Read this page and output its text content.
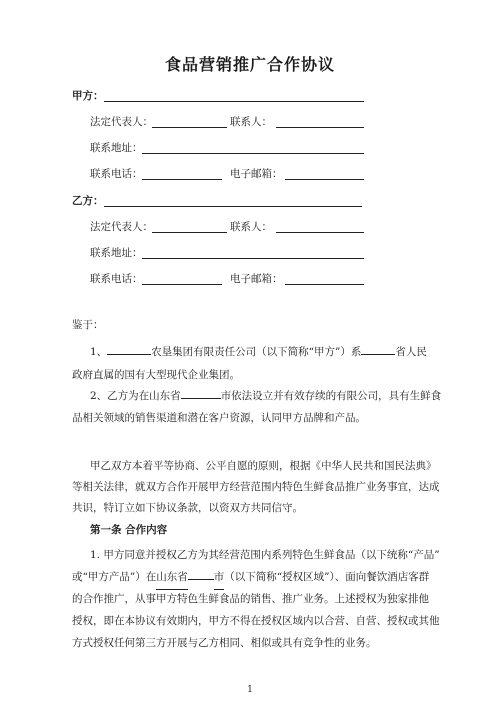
食品营销推广合作协议
甲方：
法定代表人：	联系人：
联系地址：
联系电话：	电子邮箱：
乙方：
法定代表人：	联系人：
联系地址：
联系电话：	电子邮箱：
鉴于：
1、	农垦集团有限责任公司（以下简称“甲方”）系	省人民
政府直属的国有大型现代企业集团。
2、乙方为在山东省	市依法设立并有效存续的有限公司，具有生鲜食
品相关领域的销售渠道和潜在客户资源，认同甲方品牌和产品。
甲乙双方本着平等协商、公平自愿的原则，根据《中华人民共和国民法典》
等相关法律，就双方合作开展甲方经营范围内特色生鲜食品推广业务事宜，达成
共识，特订立如下协议条款，以资双方共同信守。
第一条 合作内容
1. 甲方同意并授权乙方为其经营范围内系列特色生鲜食品（以下统称“产品”
或“甲方产品”）在山东省 市（以下简称“授权区域”）、面向餐饮酒店客群
的合作推广，从事甲方特色生鲜食品的销售、推广业务。上述授权为独家排他
授权，即在本协议有效期内，甲方不得在授权区域内以合营、自营、授权或其他
方式授权任何第三方开展与乙方相同、相似或具有竞争性的业务。
1
